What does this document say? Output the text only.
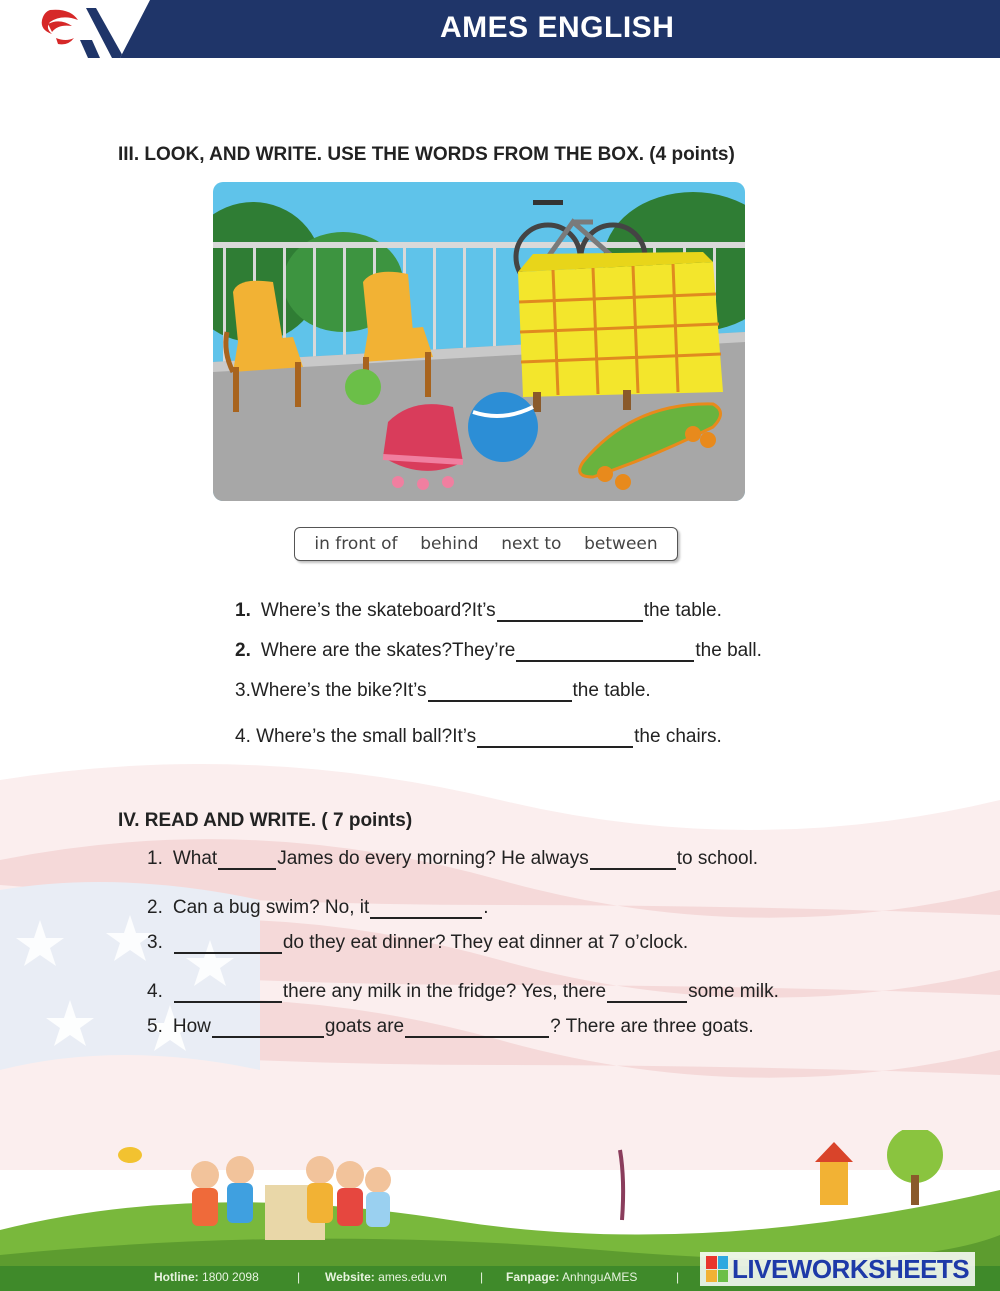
AMES ENGLISH
III. LOOK, AND WRITE. USE THE WORDS FROM THE BOX. (4 points)
in front of behind next to between
1. Where’s the skateboard?It’s	the table.
2. Where are the skates?They’re	the ball.
3.Where’s the bike?It’s	the table.
4. Where’s the small ball?It’s	the chairs.
IV. READ AND WRITE. ( 7 points)
1. What	James do every morning? He always	to school.
2. Can a bug swim? No, it	.
3.	do they eat dinner? They eat dinner at 7 o’clock.
4.	there any milk in the fridge? Yes, there	some milk.
5. How	goats are	? There are three goats.
Hotline: 1800 2098	| Website: ames.edu.vn	| Fanpage: AnhnguAMES	| LIVEWORKSHEETS
